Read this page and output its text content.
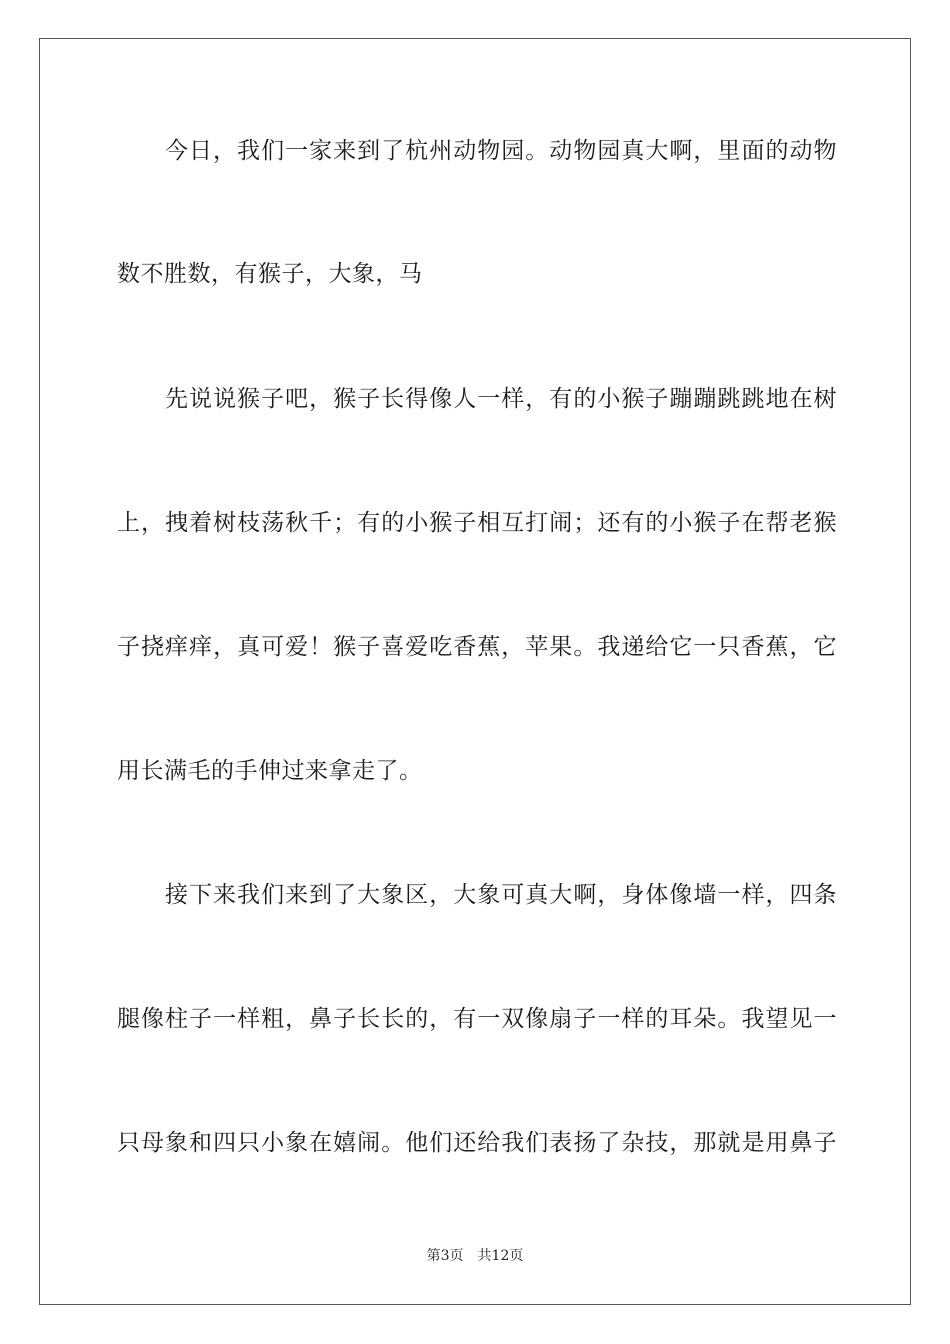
今日，我们一家来到了杭州动物园。动物园真大啊，里面的动物
数不胜数，有猴子，大象，马
先说说猴子吧，猴子长得像人一样，有的小猴子蹦蹦跳跳地在树
上，拽着树枝荡秋千；有的小猴子相互打闹；还有的小猴子在帮老猴
子挠痒痒，真可爱！猴子喜爱吃香蕉，苹果。我递给它一只香蕉，它
用长满毛的手伸过来拿走了。
接下来我们来到了大象区，大象可真大啊，身体像墙一样，四条
腿像柱子一样粗，鼻子长长的，有一双像扇子一样的耳朵。我望见一
只母象和四只小象在嬉闹。他们还给我们表扬了杂技，那就是用鼻子
第3页 共12页
